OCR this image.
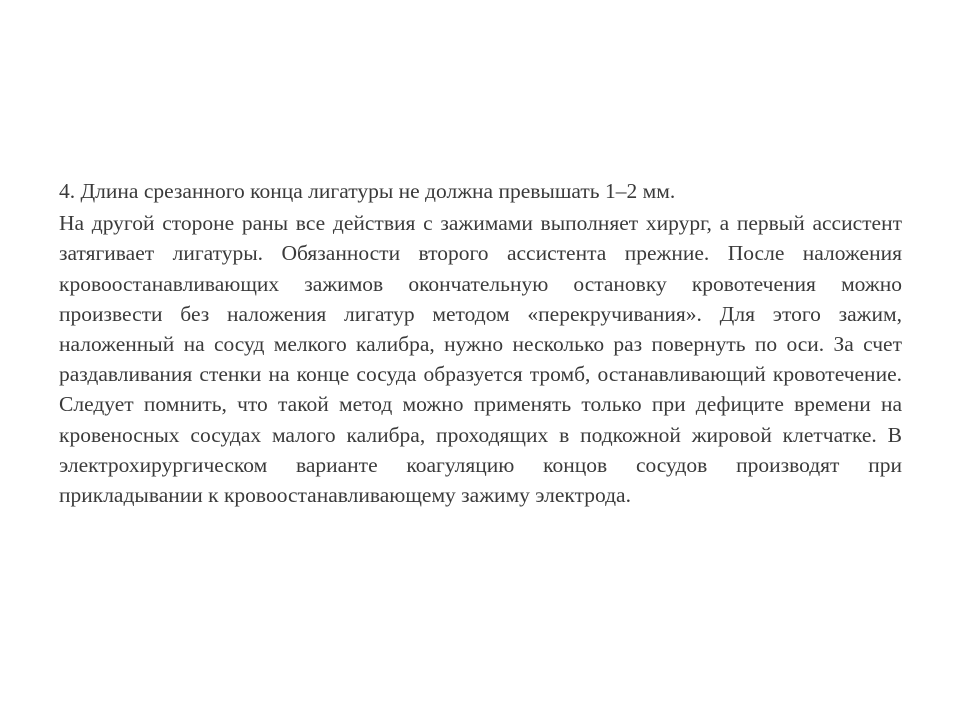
4. Длина срезанного конца лигатуры не должна превышать 1–2 мм.

На другой стороне раны все действия с зажимами выполняет хирург, а первый ассистент затягивает лигатуры. Обязанности второго ассистента прежние. После наложения кровоостанавливающих зажимов окончательную остановку кровотечения можно произвести без наложения лигатур методом «перекручивания». Для этого зажим, наложенный на сосуд мелкого калибра, нужно несколько раз повернуть по оси. За счет раздавливания стенки на конце сосуда образуется тромб, останавливающий кровотечение. Следует помнить, что такой метод можно применять только при дефиците времени на кровеносных сосудах малого калибра, проходящих в подкожной жировой клетчатке. В электрохирургическом варианте коагуляцию концов сосудов производят при прикладывании к кровоостанавливающему зажиму электрода.
